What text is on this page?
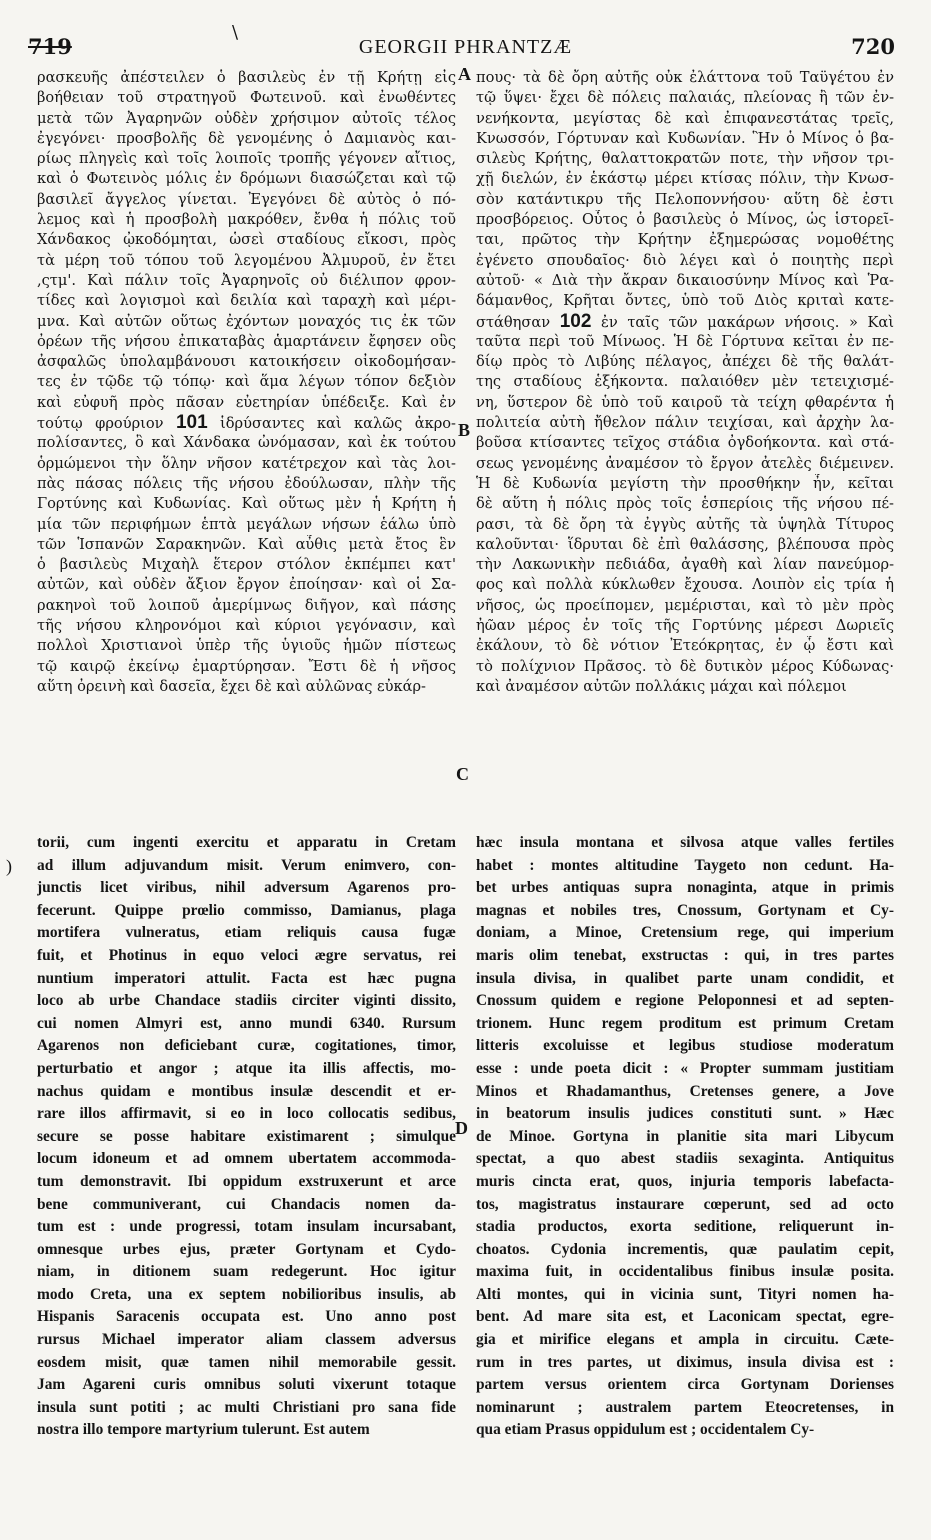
\
719	GEORGII PHRANTZÆ	720
ρασκευῆς ἀπέστειλεν ὁ βασιλεὺς ἐν τῇ Κρήτῃ εἰς
βοήθειαν τοῦ στρατηγοῦ Φωτεινοῦ. καὶ ἐνωθέντες
μετὰ τῶν Ἀγαρηνῶν οὐδὲν χρήσιμον αὐτοῖς τέλος
ἐγεγόνει· προσβολῆς δὲ γενομένης ὁ Δαμιανὸς και-
ρίως πληγεὶς καὶ τοῖς λοιποῖς τροπῆς γέγονεν αἴτιος,
καὶ ὁ Φωτεινὸς μόλις ἐν δρόμωνι διασώζεται καὶ τῷ
βασιλεῖ ἄγγελος γίνεται. Ἐγεγόνει δὲ αὐτὸς ὁ πό-
λεμος καὶ ἡ προσβολὴ μακρόθεν, ἔνθα ἡ πόλις τοῦ
Χάνδακος ᾠκοδόμηται, ὡσεὶ σταδίους εἴκοσι, πρὸς
τὰ μέρη τοῦ τόπου τοῦ λεγομένου Ἀλμυροῦ, ἐν ἔτει
,ςτμ'. Καὶ πάλιν τοῖς Ἀγαρηνοῖς οὐ διέλιπον φρον-
τίδες καὶ λογισμοὶ καὶ δειλία καὶ ταραχὴ καὶ μέρι-
μνα. Καὶ αὐτῶν οὕτως ἐχόντων μοναχός τις ἐκ τῶν
ὀρέων τῆς νήσου ἐπικαταβὰς ἁμαρτάνειν ἔφησεν οὓς
ἀσφαλῶς ὑπολαμβάνουσι κατοικήσειν οἰκοδομήσαν-
τες ἐν τῷδε τῷ τόπῳ· καὶ ἅμα λέγων τόπον δεξιὸν
καὶ εὐφυῆ πρὸς πᾶσαν εὐετηρίαν ὑπέδειξε. Καὶ ἐν
τούτῳ φρούριον 101 ἱδρύσαντες καὶ καλῶς ἀκρο-
πολίσαντες, ὃ καὶ Χάνδακα ὠνόμασαν, καὶ ἐκ τούτου
ὁρμώμενοι τὴν ὅλην νῆσον κατέτρεχον καὶ τὰς λοι-
πὰς πάσας πόλεις τῆς νήσου ἐδούλωσαν, πλὴν τῆς
Γορτύνης καὶ Κυδωνίας. Καὶ οὕτως μὲν ἡ Κρήτη ἡ
μία τῶν περιφήμων ἑπτὰ μεγάλων νήσων ἑάλω ὑπὸ
τῶν Ἱσπανῶν Σαρακηνῶν. Καὶ αὖθις μετὰ ἔτος ἓν
ὁ βασιλεὺς Μιχαὴλ ἕτερον στόλον ἐκπέμπει κατ'
αὐτῶν, καὶ οὐδὲν ἄξιον ἔργον ἐποίησαν· καὶ οἱ Σα-
ρακηνοὶ τοῦ λοιποῦ ἀμερίμνως διῆγον, καὶ πάσης
τῆς νήσου κληρονόμοι καὶ κύριοι γεγόνασιν, καὶ
πολλοὶ Χριστιανοὶ ὑπὲρ τῆς ὑγιοῦς ἡμῶν πίστεως
τῷ καιρῷ ἐκείνῳ ἐμαρτύρησαν. Ἔστι δὲ ἡ νῆσος
αὕτη ὀρεινὴ καὶ δασεῖα, ἔχει δὲ καὶ αὐλῶνας εὐκάρ-
πους· τὰ δὲ ὄρη αὐτῆς οὐκ ἐλάττονα τοῦ Ταϋγέτου ἐν
τῷ ὕψει· ἔχει δὲ πόλεις παλαιάς, πλείονας ἢ τῶν ἐν-
νενήκοντα, μεγίστας δὲ καὶ ἐπιφανεστάτας τρεῖς,
Κνωσσόν, Γόρτυναν καὶ Κυδωνίαν. Ἣν ὁ Μίνος ὁ βα-
σιλεὺς Κρήτης, θαλαττοκρατῶν ποτε, τὴν νῆσον τρι-
χῇ διελών, ἐν ἑκάστῳ μέρει κτίσας πόλιν, τὴν Κνωσ-
σὸν κατάντικρυ τῆς Πελοποννήσου· αὕτη δὲ ἐστι
προσβόρειος. Οὗτος ὁ βασιλεὺς ὁ Μίνος, ὡς ἱστορεῖ-
ται, πρῶτος τὴν Κρήτην ἐξημερώσας νομοθέτης
ἐγένετο σπουδαῖος· διὸ λέγει καὶ ὁ ποιητὴς περὶ
αὐτοῦ· « Διὰ τὴν ἄκραν δικαιοσύνην Μίνος καὶ Ῥα-
δάμανθος, Κρῆται ὄντες, ὑπὸ τοῦ Διὸς κριταὶ κατε-
στάθησαν 102 ἐν ταῖς τῶν μακάρων νήσοις. » Καὶ
ταῦτα περὶ τοῦ Μίνωος. Ἡ δὲ Γόρτυνα κεῖται ἐν πε-
δίῳ πρὸς τὸ Λιβύης πέλαγος, ἀπέχει δὲ τῆς θαλάτ-
της σταδίους ἑξήκοντα. παλαιόθεν μὲν τετειχισμέ-
νη, ὕστερον δὲ ὑπὸ τοῦ καιροῦ τὰ τείχη φθαρέντα ἡ
πολιτεία αὐτὴ ἤθελον πάλιν τειχίσαι, καὶ ἀρχὴν λα-
βοῦσα κτίσαντες τεῖχος στάδια ὀγδοήκοντα. καὶ στά-
σεως γενομένης ἀναμέσον τὸ ἔργον ἀτελὲς διέμεινεν.
Ἡ δὲ Κυδωνία μεγίστη τὴν προσθήκην ἦν, κεῖται
δὲ αὕτη ἡ πόλις πρὸς τοῖς ἑσπερίοις τῆς νήσου πέ-
ρασι, τὰ δὲ ὄρη τὰ ἐγγὺς αὐτῆς τὰ ὑψηλὰ Τίτυρος
καλοῦνται· ἵδρυται δὲ ἐπὶ θαλάσσης, βλέπουσα πρὸς
τὴν Λακωνικὴν πεδιάδα, ἀγαθὴ καὶ λίαν πανεύμορ-
φος καὶ πολλὰ κύκλωθεν ἔχουσα. Λοιπὸν εἰς τρία ἡ
νῆσος, ὡς προείπομεν, μεμέρισται, καὶ τὸ μὲν πρὸς
ἠῶαν μέρος ἐν τοῖς τῆς Γορτύνης μέρεσι Δωριεῖς
ἐκάλουν, τὸ δὲ νότιον Ἐτεόκρητας, ἐν ᾧ ἔστι καὶ
τὸ πολίχνιον Πρᾶσος. τὸ δὲ δυτικὸν μέρος Κύδωνας·
καὶ ἀναμέσον αὐτῶν πολλάκις μάχαι καὶ πόλεμοι
torii, cum ingenti exercitu et apparatu in Cretam
ad illum adjuvandum misit. Verum enimvero, con-
junctis licet viribus, nihil adversum Agarenos pro-
fecerunt. Quippe prœlio commisso, Damianus, plaga
mortifera vulneratus, etiam reliquis causa fugæ
fuit, et Photinus in equo veloci ægre servatus, rei
nuntium imperatori attulit. Facta est hæc pugna
loco ab urbe Chandace stadiis circiter viginti dissito,
cui nomen Almyri est, anno mundi 6340. Rursum
Agarenos non deficiebant curæ, cogitationes, timor,
perturbatio et angor ; atque ita illis affectis, mo-
nachus quidam e montibus insulæ descendit et er-
rare illos affirmavit, si eo in loco collocatis sedibus,
secure se posse habitare existimarent ; simulque
locum idoneum et ad omnem ubertatem accommoda-
tum demonstravit. Ibi oppidum exstruxerunt et arce
bene communiverant, cui Chandacis nomen da-
tum est : unde progressi, totam insulam incursabant,
omnesque urbes ejus, præter Gortynam et Cydo-
niam, in ditionem suam redegerunt. Hoc igitur
modo Creta, una ex septem nobilioribus insulis, ab
Hispanis Saracenis occupata est. Uno anno post
rursus Michael imperator aliam classem adversus
eosdem misit, quæ tamen nihil memorabile gessit.
Jam Agareni curis omnibus soluti vixerunt totaque
insula sunt potiti ; ac multi Christiani pro sana fide
nostra illo tempore martyrium tulerunt. Est autem
hæc insula montana et silvosa atque valles fertiles
habet : montes altitudine Taygeto non cedunt. Ha-
bet urbes antiquas supra nonaginta, atque in primis
magnas et nobiles tres, Cnossum, Gortynam et Cy-
doniam, a Minoe, Cretensium rege, qui imperium
maris olim tenebat, exstructas : qui, in tres partes
insula divisa, in qualibet parte unam condidit, et
Cnossum quidem e regione Peloponnesi et ad septen-
trionem. Hunc regem proditum est primum Cretam
litteris excoluisse et legibus studiose moderatum
esse : unde poeta dicit : « Propter summam justitiam
Minos et Rhadamanthus, Cretenses genere, a Jove
in beatorum insulis judices constituti sunt. » Hæc
de Minoe. Gortyna in planitie sita mari Libycum
spectat, a quo abest stadiis sexaginta. Antiquitus
muris cincta erat, quos, injuria temporis labefacta-
tos, magistratus instaurare cœperunt, sed ad octo
stadia productos, exorta seditione, reliquerunt in-
choatos. Cydonia incrementis, quæ paulatim cepit,
maxima fuit, in occidentalibus finibus insulæ posita.
Alti montes, qui in vicinia sunt, Tityri nomen ha-
bent. Ad mare sita est, et Laconicam spectat, egre-
gia et mirifice elegans et ampla in circuitu. Cæte-
rum in tres partes, ut diximus, insula divisa est :
partem versus orientem circa Gortynam Dorienses
nominarunt ; australem partem Eteocretenses, in
qua etiam Prasus oppidulum est ; occidentalem Cy-
A
B
C
D
)
